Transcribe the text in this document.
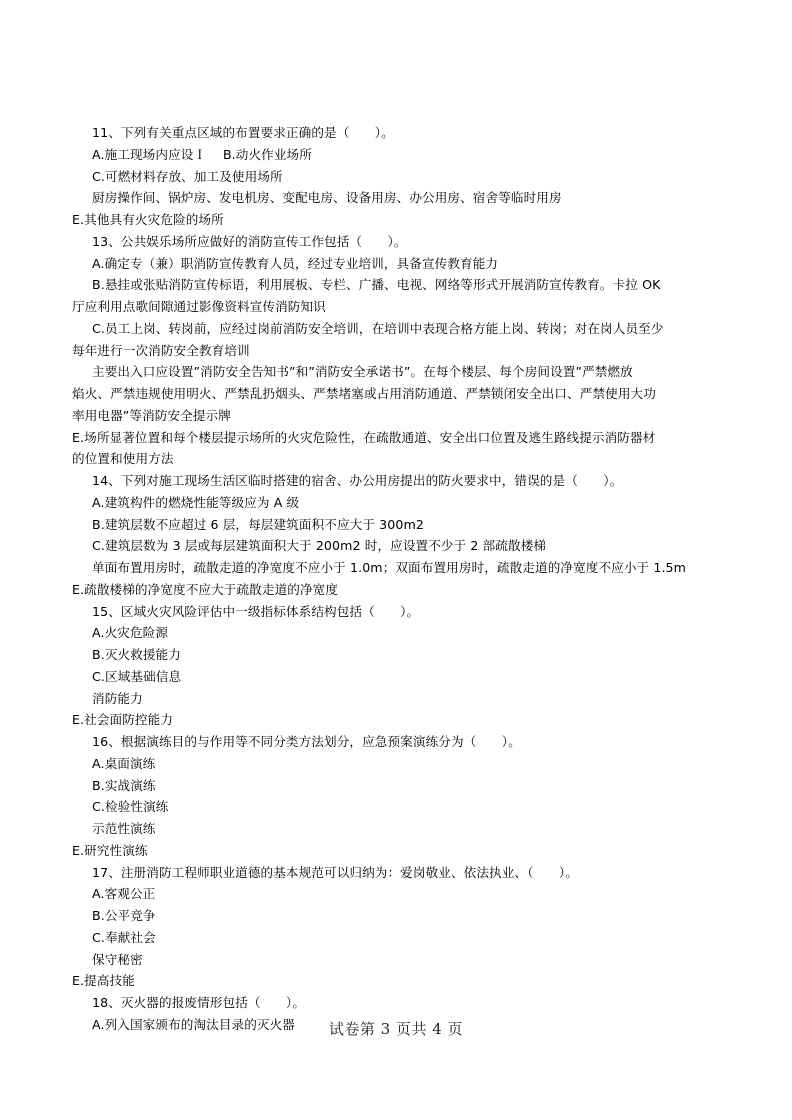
11、下列有关重点区域的布置要求正确的是（　　）。
A.施工现场内应设Ｉ　 B.动火作业场所
C.可燃材料存放、加工及使用场所
厨房操作间、锅炉房、发电机房、变配电房、设备用房、办公用房、宿舍等临时用房
E.其他具有火灾危险的场所
13、公共娱乐场所应做好的消防宣传工作包括（　　）。
A.确定专（兼）职消防宣传教育人员，经过专业培训，具备宣传教育能力
B.悬挂或张贴消防宣传标语，利用展板、专栏、广播、电视、网络等形式开展消防宣传教育。卡拉 OK
厅应利用点歌间隙通过影像资料宣传消防知识
C.员工上岗、转岗前，应经过岗前消防安全培训，在培训中表现合格方能上岗、转岗；对在岗人员至少
每年进行一次消防安全教育培训
主要出入口应设置”消防安全告知书”和”消防安全承诺书”。在每个楼层、每个房间设置”严禁燃放
焰火、严禁违规使用明火、严禁乱扔烟头、严禁堵塞或占用消防通道、严禁锁闭安全出口、严禁使用大功
率用电器”等消防安全提示牌
E.场所显著位置和每个楼层提示场所的火灾危险性，在疏散通道、安全出口位置及逃生路线提示消防器材
的位置和使用方法
14、下列对施工现场生活区临时搭建的宿舍、办公用房提出的防火要求中，错误的是（　　）。
A.建筑构件的燃烧性能等级应为 A 级
B.建筑层数不应超过 6 层，每层建筑面积不应大于 300m2
C.建筑层数为 3 层或每层建筑面积大于 200m2 时，应设置不少于 2 部疏散楼梯
单面布置用房时，疏散走道的净宽度不应小于 1.0m；双面布置用房时，疏散走道的净宽度不应小于 1.5m
E.疏散楼梯的净宽度不应大于疏散走道的净宽度
15、区域火灾风险评估中一级指标体系结构包括（　　）。
A.火灾危险源
B.灭火救援能力
C.区域基础信息
消防能力
E.社会面防控能力
16、根据演练目的与作用等不同分类方法划分，应急预案演练分为（　　）。
A.桌面演练
B.实战演练
C.检验性演练
示范性演练
E.研究性演练
17、注册消防工程师职业道德的基本规范可以归纳为：爱岗敬业、依法执业、（　　）。
A.客观公正
B.公平竞争
C.奉献社会
保守秘密
E.提高技能
18、灭火器的报废情形包括（　　）。
A.列入国家颁布的淘汰目录的灭火器	试卷第 3 页共 4 页
